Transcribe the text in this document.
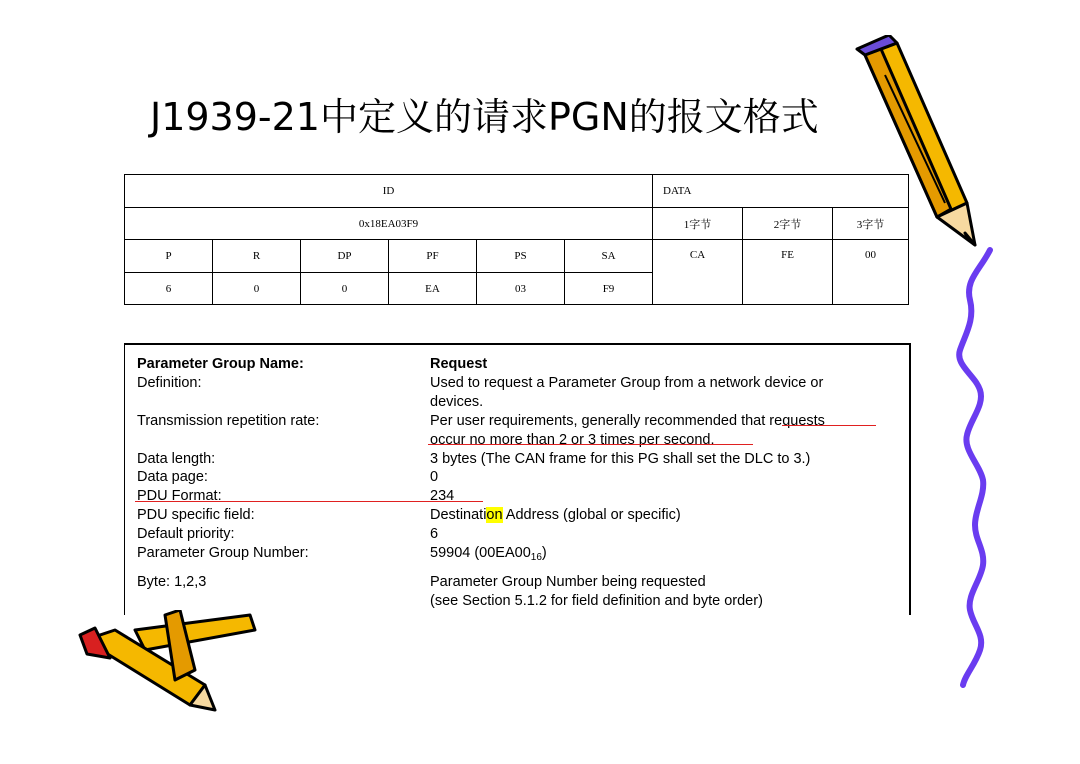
J1939-21中定义的请求PGN的报文格式
ID						DATA		
0x18EA03F9						1字节	2字节	3字节
P	R	DP	PF	PS	SA	CA	FE	00
6	0	0	EA	03	F9			
Parameter Group Name:	Request
Definition:	Used to request a Parameter Group from a network device or
devices.
Transmission repetition rate:	Per user requirements, generally recommended that requests
occur no more than 2 or 3 times per second.
Data length:	3 bytes (The CAN frame for this PG shall set the DLC to 3.)
Data page:	0
PDU Format:	234
PDU specific field:	Destination Address (global or specific)
Default priority:	6
Parameter Group Number:	59904 $(00EA00_{16})$
Byte: 1,2,3	Parameter Group Number being requested
(see Section 5.1.2 for field definition and byte order)
